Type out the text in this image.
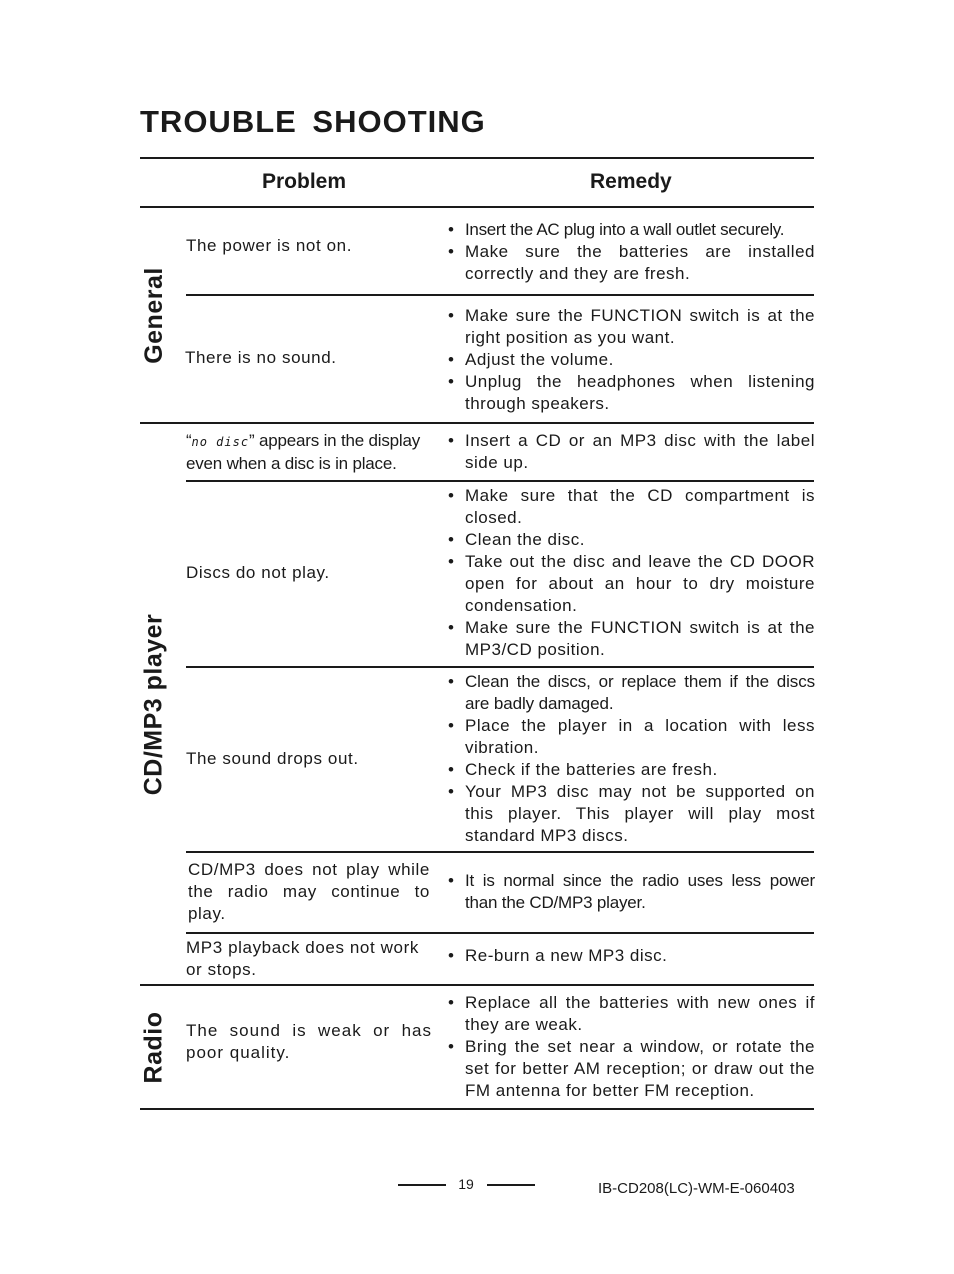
TROUBLE SHOOTING
Problem	Remedy
General
CD/MP3 player
Radio
The power is not on.
• Insert the AC plug into a wall outlet securely.
• Make sure the batteries are installed correctly and they are fresh.
There is no sound.
• Make sure the FUNCTION switch is at the right position as you want.
• Adjust the volume.
• Unplug the headphones when listening through speakers.
“no disc” appears in the display even when a disc is in place.
• Insert a CD or an MP3 disc with the label side up.
Discs do not play.
• Make sure that the CD compartment is closed.
• Clean the disc.
• Take out the disc and leave the CD DOOR open for about an hour to dry moisture condensation.
• Make sure the FUNCTION switch is at the MP3/CD position.
The sound drops out.
• Clean the discs, or replace them if the discs are badly damaged.
• Place the player in a location with less vibration.
• Check if the batteries are fresh.
• Your MP3 disc may not be supported on this player. This player will play most standard MP3 discs.
CD/MP3 does not play while the radio may continue to play.
• It is normal since the radio uses less power than the CD/MP3 player.
MP3 playback does not work or stops.
• Re-burn a new MP3 disc.
The sound is weak or has poor quality.
• Replace all the batteries with new ones if they are weak.
• Bring the set near a window, or rotate the set for better AM reception; or draw out the FM antenna for better FM reception.
19	IB-CD208(LC)-WM-E-060403
